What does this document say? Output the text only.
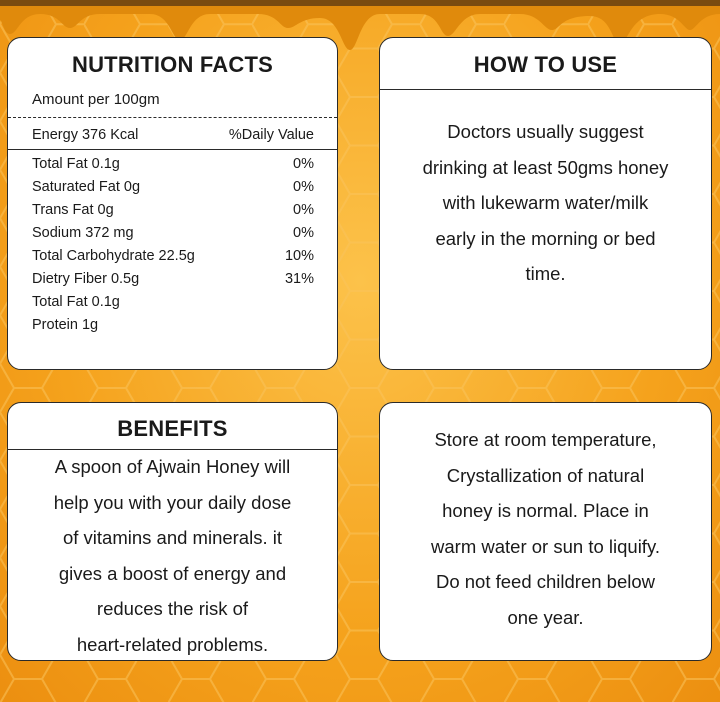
NUTRITION FACTS
Amount per 100gm
Energy 376 Kcal	%Daily Value
Total Fat 0.1g	0%
Saturated Fat 0g	0%
Trans Fat 0g	0%
Sodium 372 mg	0%
Total Carbohydrate 22.5g	10%
Dietry Fiber 0.5g	31%
Total Fat 0.1g
Protein 1g
HOW TO USE
Doctors usually suggest
drinking at least 50gms honey
with lukewarm water/milk
early in the morning or bed
time.
BENEFITS
A spoon of Ajwain Honey will
help you with your daily dose
of vitamins and minerals. it
gives a boost of energy and
reduces the risk of
heart-related problems.
Store at room temperature,
Crystallization of natural
honey is normal. Place in
warm water or sun to liquify.
Do not feed children below
one year.
